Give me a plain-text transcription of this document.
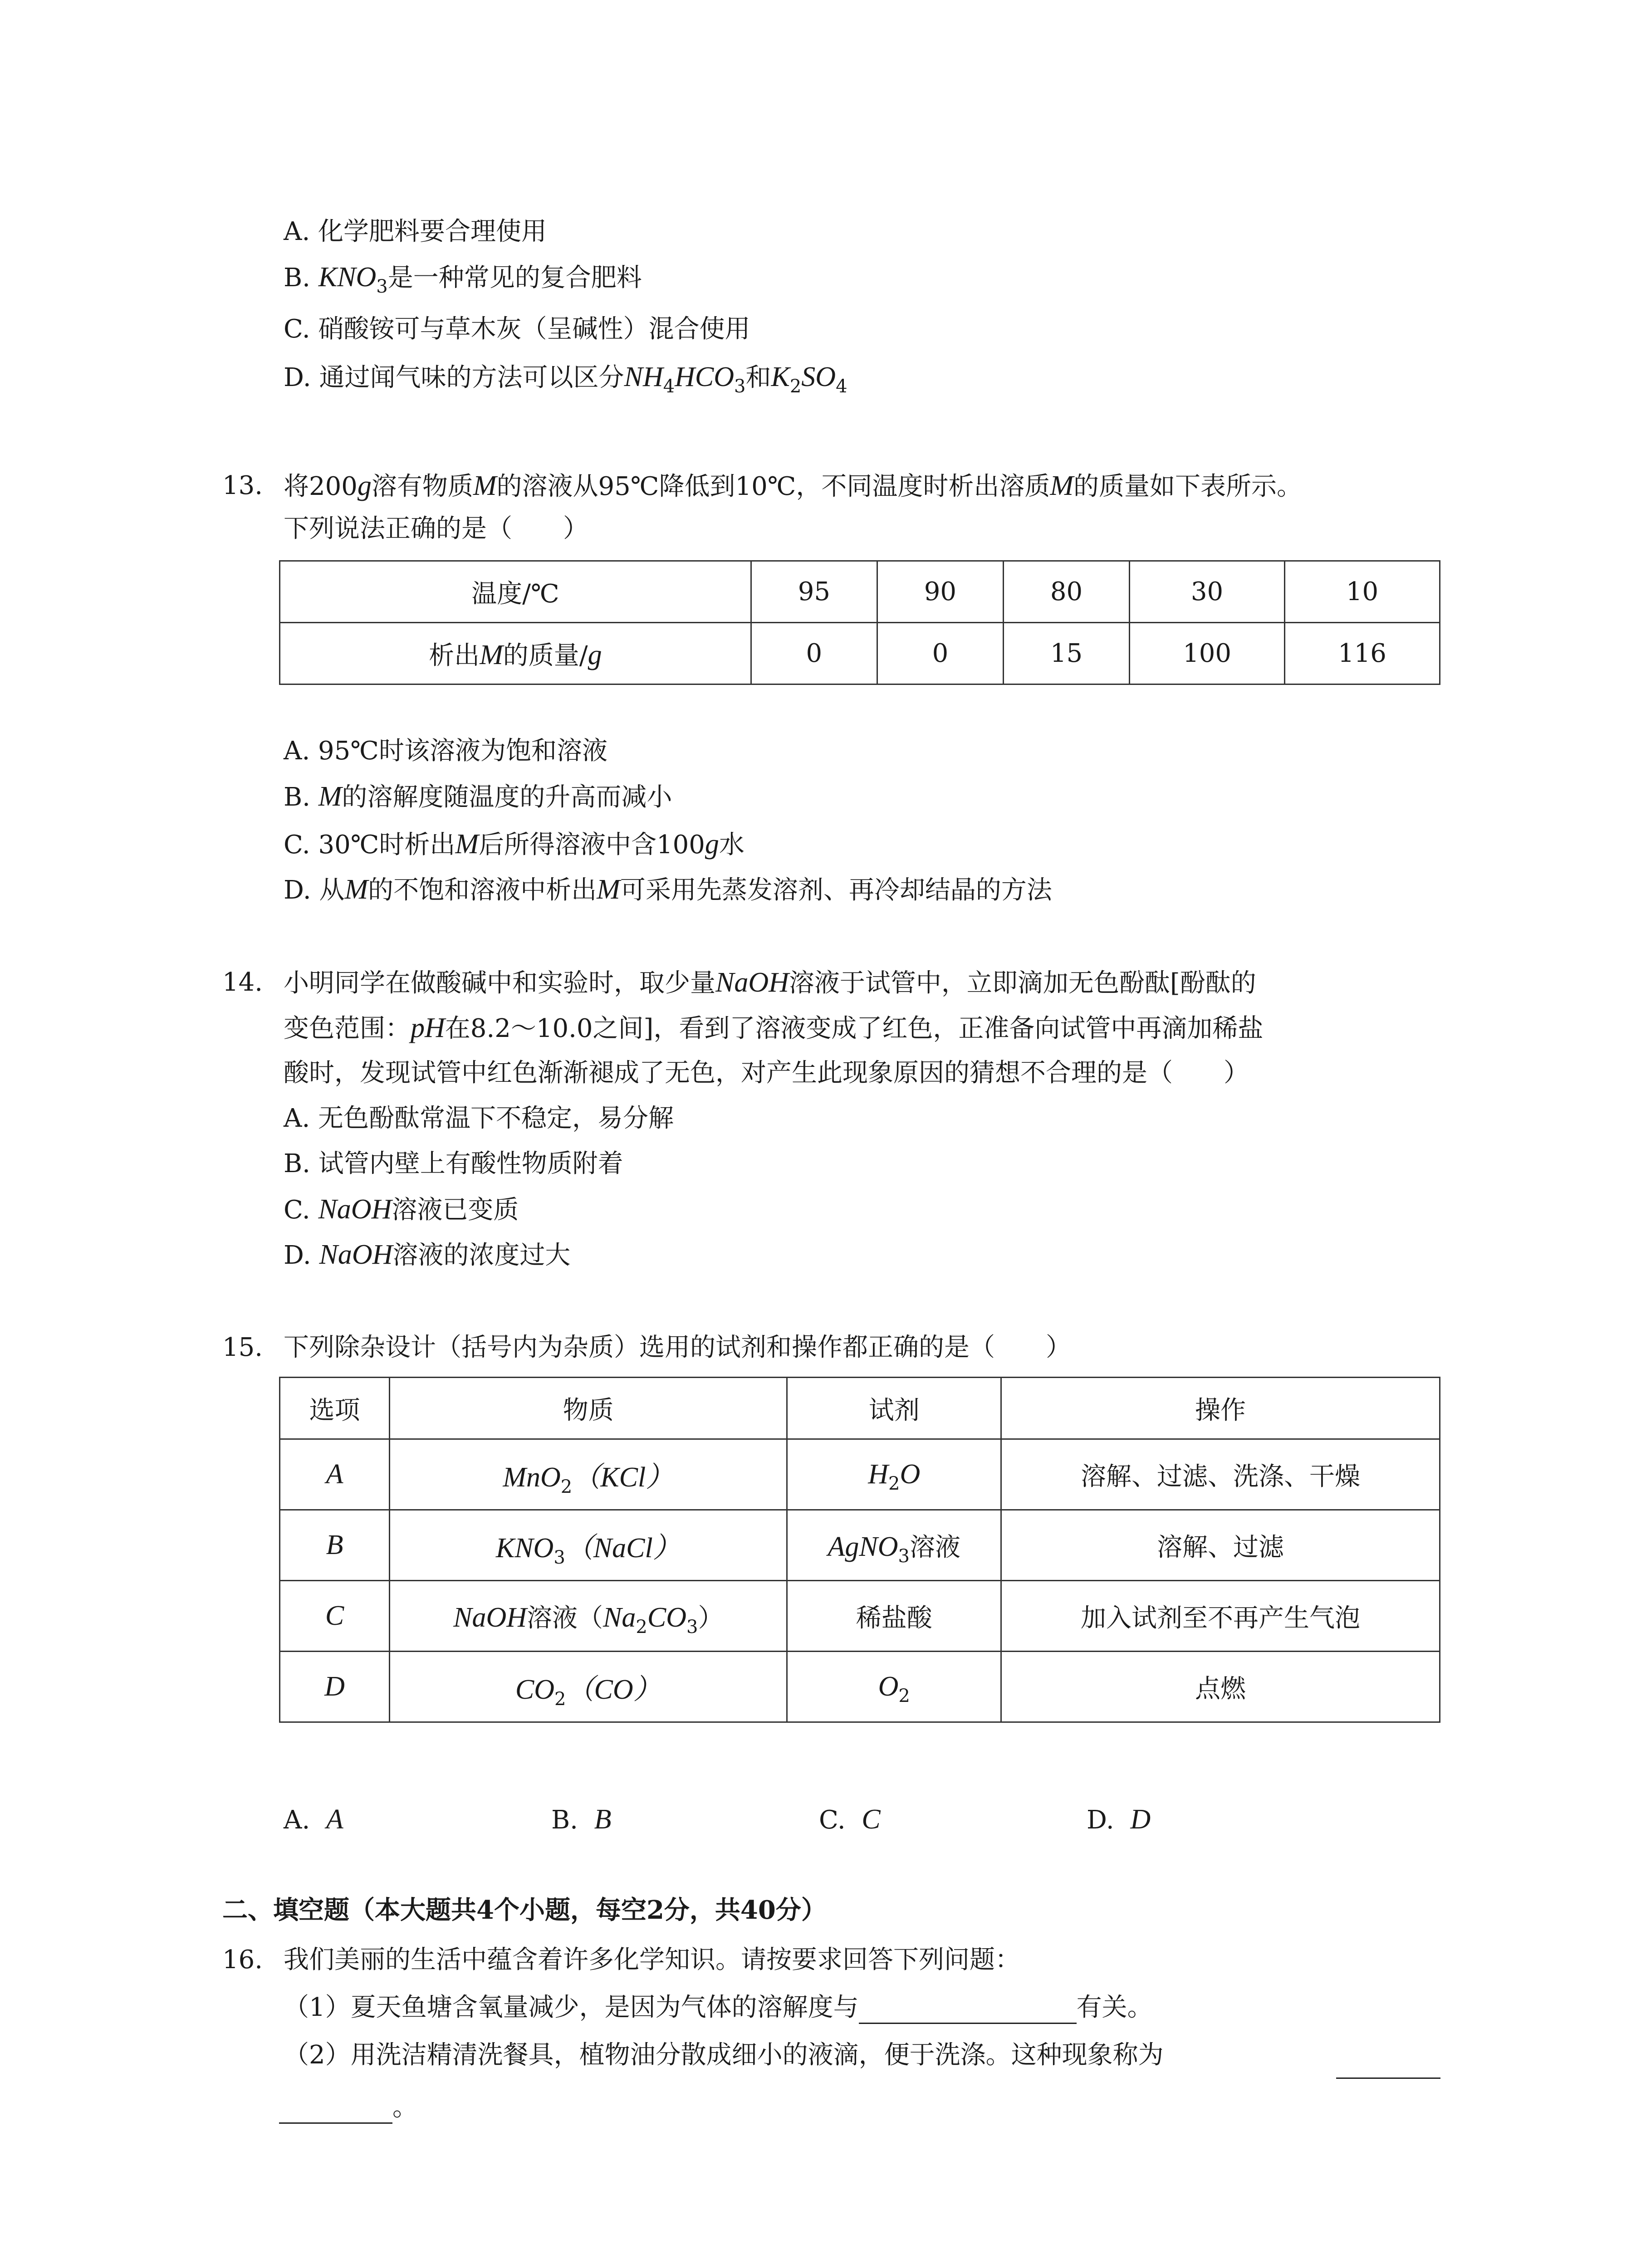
A. 化学肥料要合理使用
B. $KNO_3$是一种常见的复合肥料
C. 硝酸铵可与草木灰（呈碱性）混合使用
D. 通过闻气味的方法可以区分$NH_4HCO_3$和$K_2SO_4$
13. 将200g溶有物质M的溶液从95℃降低到10℃，不同温度时析出溶质M的质量如下表所示。
下列说法正确的是（　　）
温度/℃	95	90	80	30	10
析出M的质量/g	0	0	15	100	116
A. 95℃时该溶液为饱和溶液
B. M的溶解度随温度的升高而减小
C. 30℃时析出M后所得溶液中含100g水
D. 从M的不饱和溶液中析出M可采用先蒸发溶剂、再冷却结晶的方法
14. 小明同学在做酸碱中和实验时，取少量NaOH溶液于试管中，立即滴加无色酚酞[酚酞的
变色范围：pH在8.2～10.0之间]，看到了溶液变成了红色，正准备向试管中再滴加稀盐
酸时，发现试管中红色渐渐褪成了无色，对产生此现象原因的猜想不合理的是（　　）
A. 无色酚酞常温下不稳定，易分解
B. 试管内壁上有酸性物质附着
C. NaOH溶液已变质
D. NaOH溶液的浓度过大
15. 下列除杂设计（括号内为杂质）选用的试剂和操作都正确的是（　　）
选项	物质	试剂	操作
A	MnO$_2$（KCl）	$H_2O$	溶解、过滤、洗涤、干燥
B	$KNO_3(NaCl)$	AgNO$_3$溶液	溶解、过滤
C	NaOH溶液$(Na_2CO_3)$	稀盐酸	加入试剂至不再产生气泡
D	$CO_2(CO)$	$O_2$	点燃
A. A	B. B	C. C	D. D
二、填空题（本大题共4个小题，每空2分，共40分）
16. 我们美丽的生活中蕴含着许多化学知识。请按要求回答下列问题：
（1）夏天鱼塘含氧量减少，是因为气体的溶解度与	有关。
（2）用洗洁精清洗餐具，植物油分散成细小的液滴，便于洗涤。这种现象称为
。
